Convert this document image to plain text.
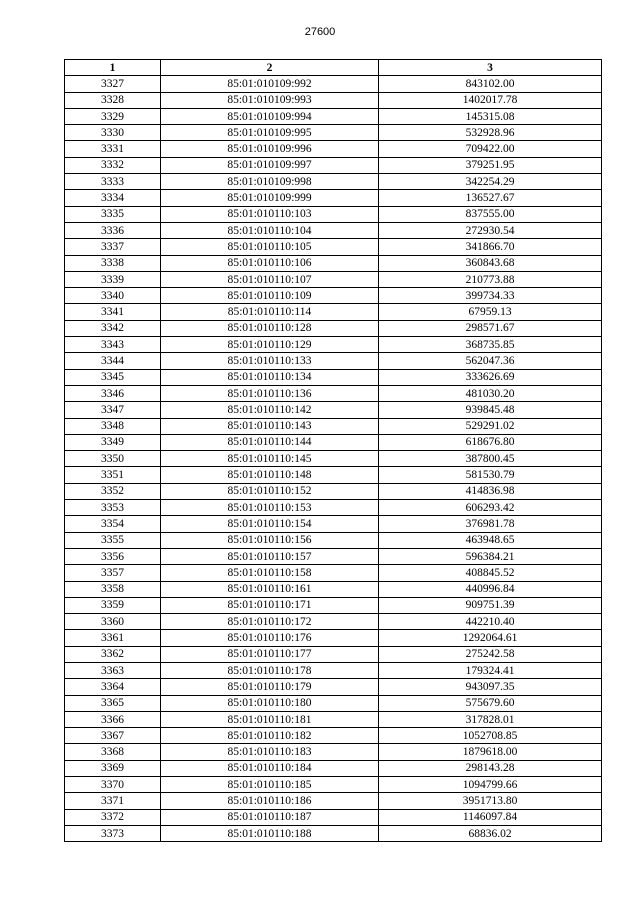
27600
1	2	3
3327	85:01:010109:992	843102.00
3328	85:01:010109:993	1402017.78
3329	85:01:010109:994	145315.08
3330	85:01:010109:995	532928.96
3331	85:01:010109:996	709422.00
3332	85:01:010109:997	379251.95
3333	85:01:010109:998	342254.29
3334	85:01:010109:999	136527.67
3335	85:01:010110:103	837555.00
3336	85:01:010110:104	272930.54
3337	85:01:010110:105	341866.70
3338	85:01:010110:106	360843.68
3339	85:01:010110:107	210773.88
3340	85:01:010110:109	399734.33
3341	85:01:010110:114	67959.13
3342	85:01:010110:128	298571.67
3343	85:01:010110:129	368735.85
3344	85:01:010110:133	562047.36
3345	85:01:010110:134	333626.69
3346	85:01:010110:136	481030.20
3347	85:01:010110:142	939845.48
3348	85:01:010110:143	529291.02
3349	85:01:010110:144	618676.80
3350	85:01:010110:145	387800.45
3351	85:01:010110:148	581530.79
3352	85:01:010110:152	414836.98
3353	85:01:010110:153	606293.42
3354	85:01:010110:154	376981.78
3355	85:01:010110:156	463948.65
3356	85:01:010110:157	596384.21
3357	85:01:010110:158	408845.52
3358	85:01:010110:161	440996.84
3359	85:01:010110:171	909751.39
3360	85:01:010110:172	442210.40
3361	85:01:010110:176	1292064.61
3362	85:01:010110:177	275242.58
3363	85:01:010110:178	179324.41
3364	85:01:010110:179	943097.35
3365	85:01:010110:180	575679.60
3366	85:01:010110:181	317828.01
3367	85:01:010110:182	1052708.85
3368	85:01:010110:183	1879618.00
3369	85:01:010110:184	298143.28
3370	85:01:010110:185	1094799.66
3371	85:01:010110:186	3951713.80
3372	85:01:010110:187	1146097.84
3373	85:01:010110:188	68836.02
